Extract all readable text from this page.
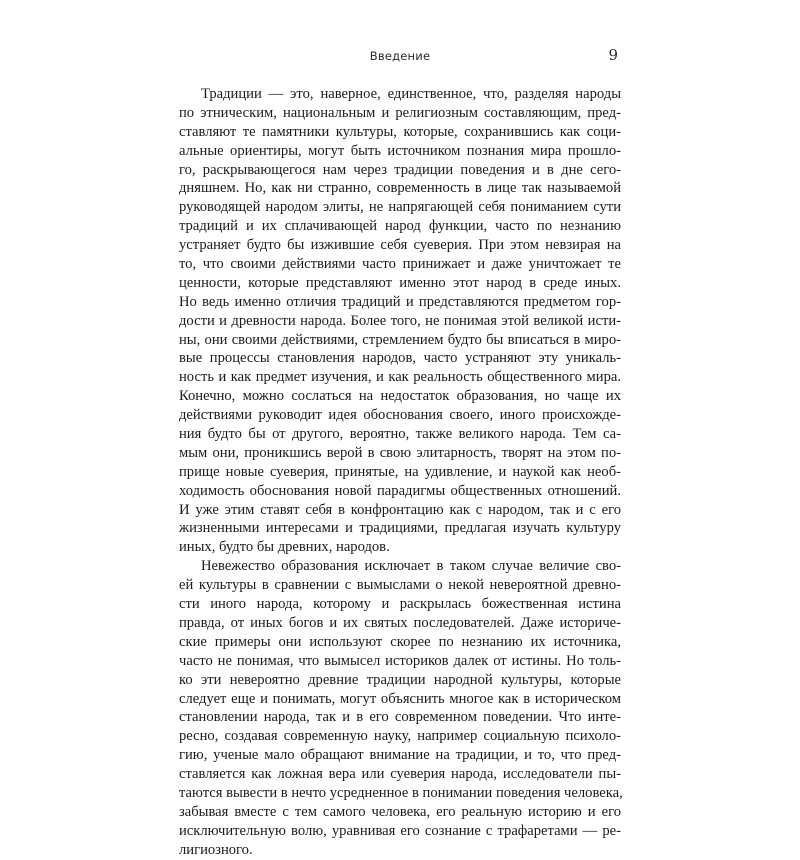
Введение	9
Традиции — это, наверное, единственное, что, разделяя народы
по этническим, национальным и религиозным составляющим, пред-
ставляют те памятники культуры, которые, сохранившись как соци-
альные ориентиры, могут быть источником познания мира прошло-
го, раскрывающегося нам через традиции поведения и в дне сего-
дняшнем. Но, как ни странно, современность в лице так называемой
руководящей народом элиты, не напрягающей себя пониманием сути
традиций и их сплачивающей народ функции, часто по незнанию
устраняет будто бы изжившие себя суеверия. При этом невзирая на
то, что своими действиями часто принижает и даже уничтожает те
ценности, которые представляют именно этот народ в среде иных.
Но ведь именно отличия традиций и представляются предметом гор-
дости и древности народа. Более того, не понимая этой великой исти-
ны, они своими действиями, стремлением будто бы вписаться в миро-
вые процессы становления народов, часто устраняют эту уникаль-
ность и как предмет изучения, и как реальность общественного мира.
Конечно, можно сослаться на недостаток образования, но чаще их
действиями руководит идея обоснования своего, иного происхожде-
ния будто бы от другого, вероятно, также великого народа. Тем са-
мым они, проникшись верой в свою элитарность, творят на этом по-
прище новые суеверия, принятые, на удивление, и наукой как необ-
ходимость обоснования новой парадигмы общественных отношений.
И уже этим ставят себя в конфронтацию как с народом, так и с его
жизненными интересами и традициями, предлагая изучать культуру
иных, будто бы древних, народов.
Невежество образования исключает в таком случае величие сво-
ей культуры в сравнении с вымыслами о некой невероятной древно-
сти иного народа, которому и раскрылась божественная истина
правда, от иных богов и их святых последователей. Даже историче-
ские примеры они используют скорее по незнанию их источника,
часто не понимая, что вымысел историков далек от истины. Но толь-
ко эти невероятно древние традиции народной культуры, которые
следует еще и понимать, могут объяснить многое как в историческом
становлении народа, так и в его современном поведении. Что инте-
ресно, создавая современную науку, например социальную психоло-
гию, ученые мало обращают внимание на традиции, и то, что пред-
ставляется как ложная вера или суеверия народа, исследователи пы-
таются вывести в нечто усредненное в понимании поведения человека,
забывая вместе с тем самого человека, его реальную историю и его
исключительную волю, уравнивая его сознание с трафаретами — ре-
лигиозного.
